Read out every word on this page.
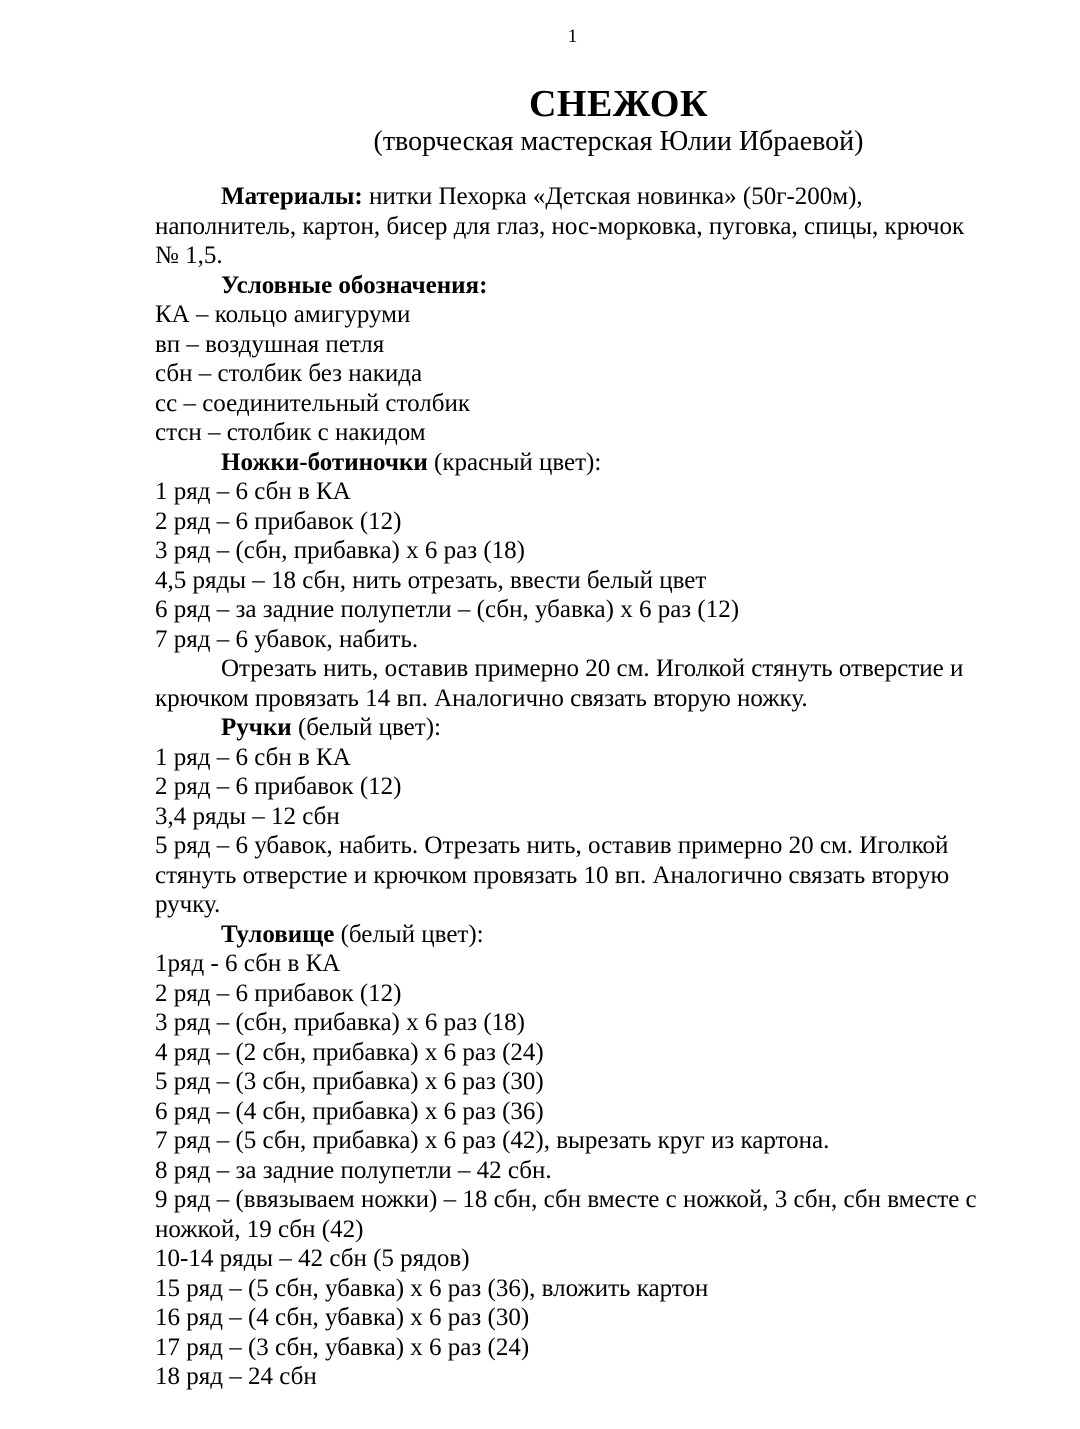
1
СНЕЖОК
(творческая мастерская Юлии Ибраевой)

Материалы: нитки Пехорка «Детская новинка» (50г-200м), наполнитель, картон, бисер для глаз, нос-морковка, пуговка, спицы, крючок № 1,5.

Условные обозначения:

КА – кольцо амигуруми
вп – воздушная петля
сбн – столбик без накида
сс – соединительный столбик
стсн – столбик с накидом

Ножки-ботиночки (красный цвет):

1 ряд – 6 сбн в КА
2 ряд – 6 прибавок (12)
3 ряд – (сбн, прибавка) х 6 раз (18)
4,5 ряды – 18 сбн, нить отрезать, ввести белый цвет
6 ряд – за задние полупетли – (сбн, убавка) х 6 раз (12)
7 ряд – 6 убавок, набить.

Отрезать нить, оставив примерно 20 см. Иголкой стянуть отверстие и крючком провязать 14 вп. Аналогично связать вторую ножку.

Ручки (белый цвет):

1 ряд – 6 сбн в КА
2 ряд – 6 прибавок (12)
3,4 ряды – 12 сбн
5 ряд – 6 убавок, набить. Отрезать нить, оставив примерно 20 см. Иголкой стянуть отверстие и крючком провязать 10 вп. Аналогично связать вторую ручку.

Туловище (белый цвет):

1ряд - 6 сбн в КА
2 ряд – 6 прибавок (12)
3 ряд – (сбн, прибавка) х 6 раз (18)
4 ряд – (2 сбн, прибавка) х 6 раз (24)
5 ряд – (3 сбн, прибавка) х 6 раз (30)
6 ряд – (4 сбн, прибавка) х 6 раз (36)
7 ряд – (5 сбн, прибавка) х 6 раз (42), вырезать круг из картона.
8 ряд – за задние полупетли – 42 сбн.
9 ряд – (ввязываем ножки) – 18 сбн, сбн вместе с ножкой, 3 сбн, сбн вместе с ножкой, 19 сбн (42)
10-14 ряды – 42 сбн (5 рядов)
15 ряд – (5 сбн, убавка) х 6 раз (36), вложить картон
16 ряд – (4 сбн, убавка) х 6 раз (30)
17 ряд – (3 сбн, убавка) х 6 раз (24)
18 ряд – 24 сбн
